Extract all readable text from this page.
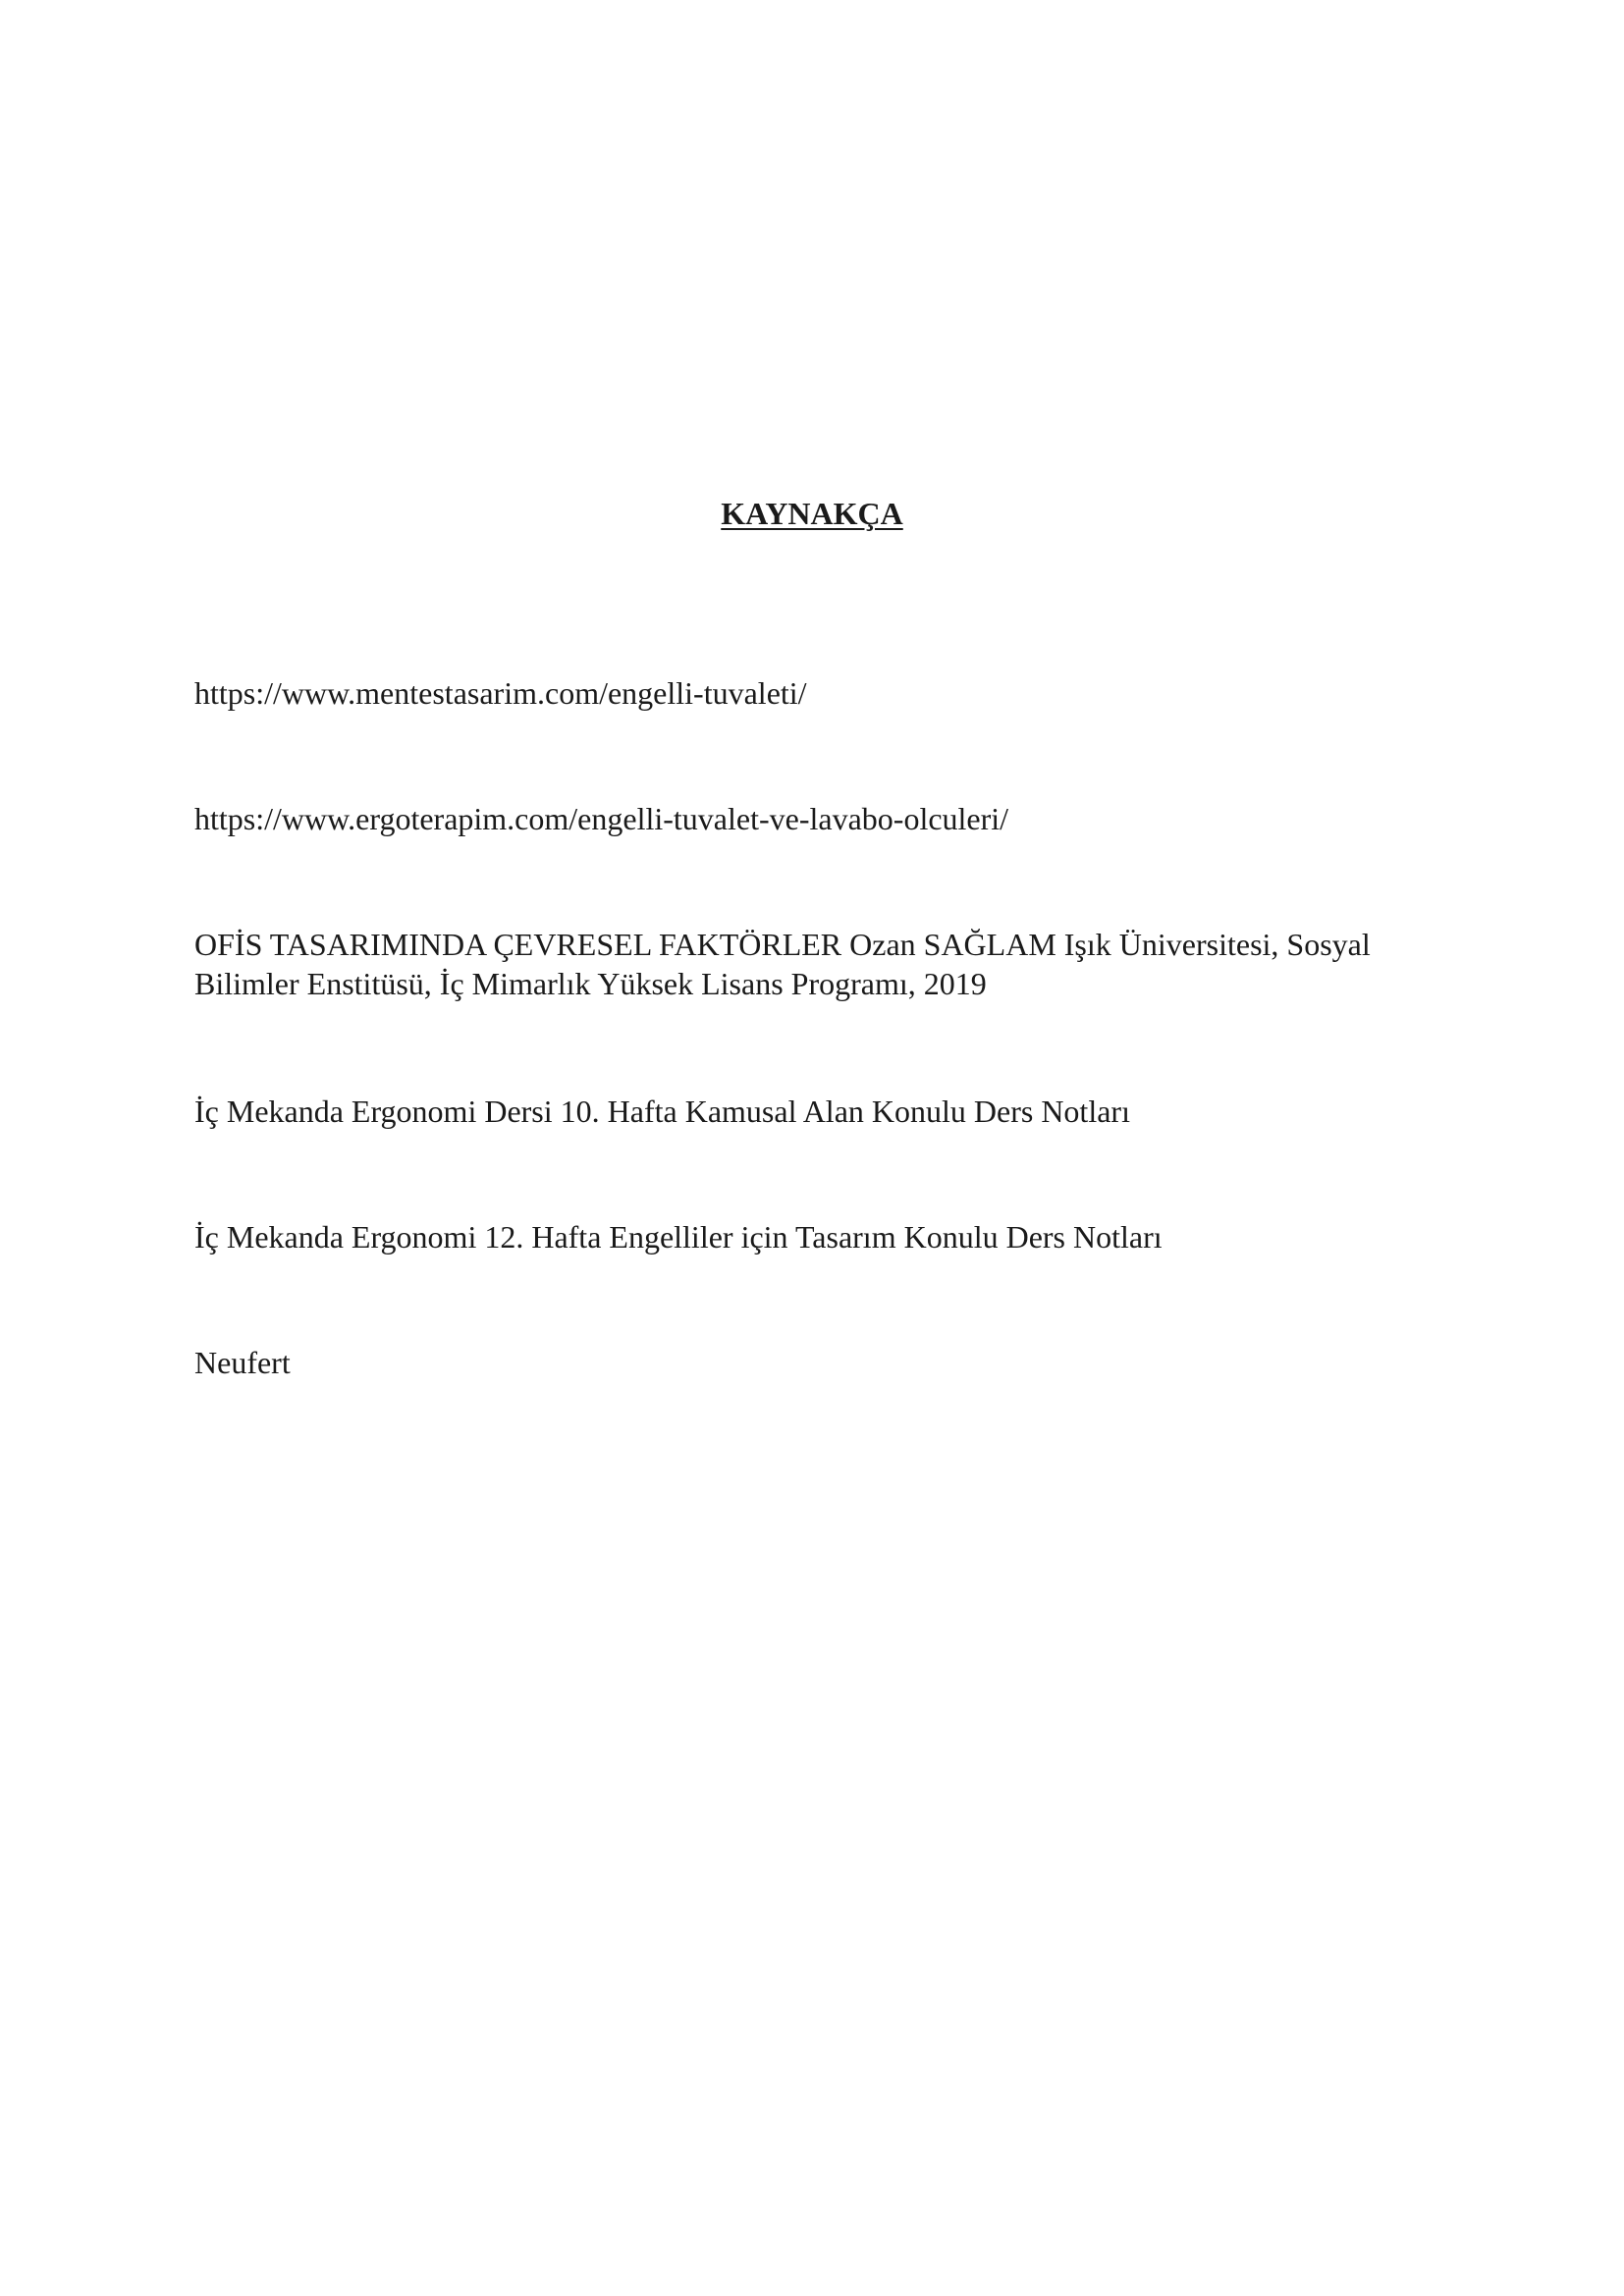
KAYNAKÇA
https://www.mentestasarim.com/engelli-tuvaleti/
https://www.ergoterapim.com/engelli-tuvalet-ve-lavabo-olculeri/
OFİS TASARIMINDA ÇEVRESEL FAKTÖRLER Ozan SAĞLAM Işık Üniversitesi, Sosyal
Bilimler Enstitüsü, İç Mimarlık Yüksek Lisans Programı, 2019
İç Mekanda Ergonomi Dersi 10. Hafta Kamusal Alan Konulu Ders Notları
İç Mekanda Ergonomi 12. Hafta Engelliler için Tasarım Konulu Ders Notları
Neufert
